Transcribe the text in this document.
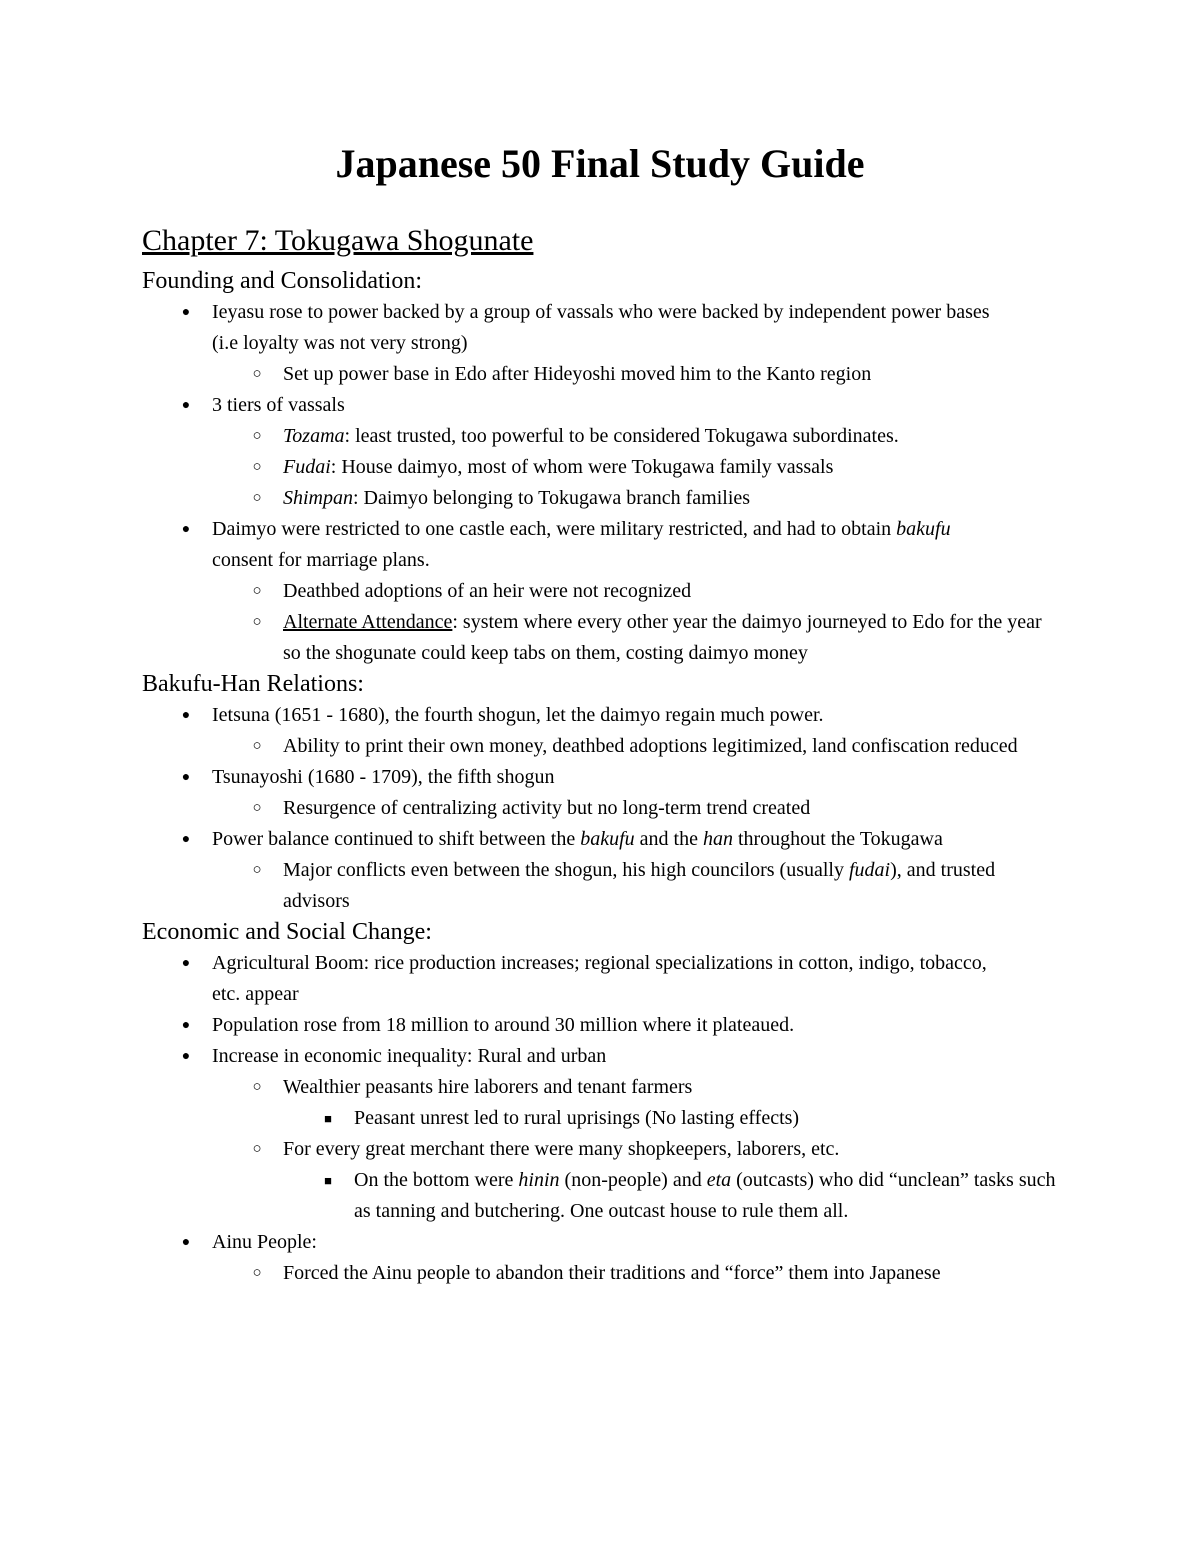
Japanese 50 Final Study Guide
Chapter 7: Tokugawa Shogunate
Founding and Consolidation:
●	Ieyasu rose to power backed by a group of vassals who were backed by independent power bases (i.e loyalty was not very strong)
○	Set up power base in Edo after Hideyoshi moved him to the Kanto region
●	3 tiers of vassals
○	Tozama: least trusted, too powerful to be considered Tokugawa subordinates.
○	Fudai: House daimyo, most of whom were Tokugawa family vassals
○	Shimpan: Daimyo belonging to Tokugawa branch families
●	Daimyo were restricted to one castle each, were military restricted, and had to obtain bakufu consent for marriage plans.
○	Deathbed adoptions of an heir were not recognized
○	Alternate Attendance: system where every other year the daimyo journeyed to Edo for the year so the shogunate could keep tabs on them, costing daimyo money
Bakufu-Han Relations:
●	Ietsuna (1651 - 1680), the fourth shogun, let the daimyo regain much power.
○	Ability to print their own money, deathbed adoptions legitimized, land confiscation reduced
●	Tsunayoshi (1680 - 1709), the fifth shogun
○	Resurgence of centralizing activity but no long-term trend created
●	Power balance continued to shift between the bakufu and the han throughout the Tokugawa
○	Major conflicts even between the shogun, his high councilors (usually fudai), and trusted advisors
Economic and Social Change:
●	Agricultural Boom: rice production increases; regional specializations in cotton, indigo, tobacco, etc. appear
●	Population rose from 18 million to around 30 million where it plateaued.
●	Increase in economic inequality: Rural and urban
○	Wealthier peasants hire laborers and tenant farmers
■	Peasant unrest led to rural uprisings (No lasting effects)
○	For every great merchant there were many shopkeepers, laborers, etc.
■	On the bottom were hinin (non-people) and eta (outcasts) who did “unclean” tasks such as tanning and butchering. One outcast house to rule them all.
●	Ainu People:
○	Forced the Ainu people to abandon their traditions and “force” them into Japanese
